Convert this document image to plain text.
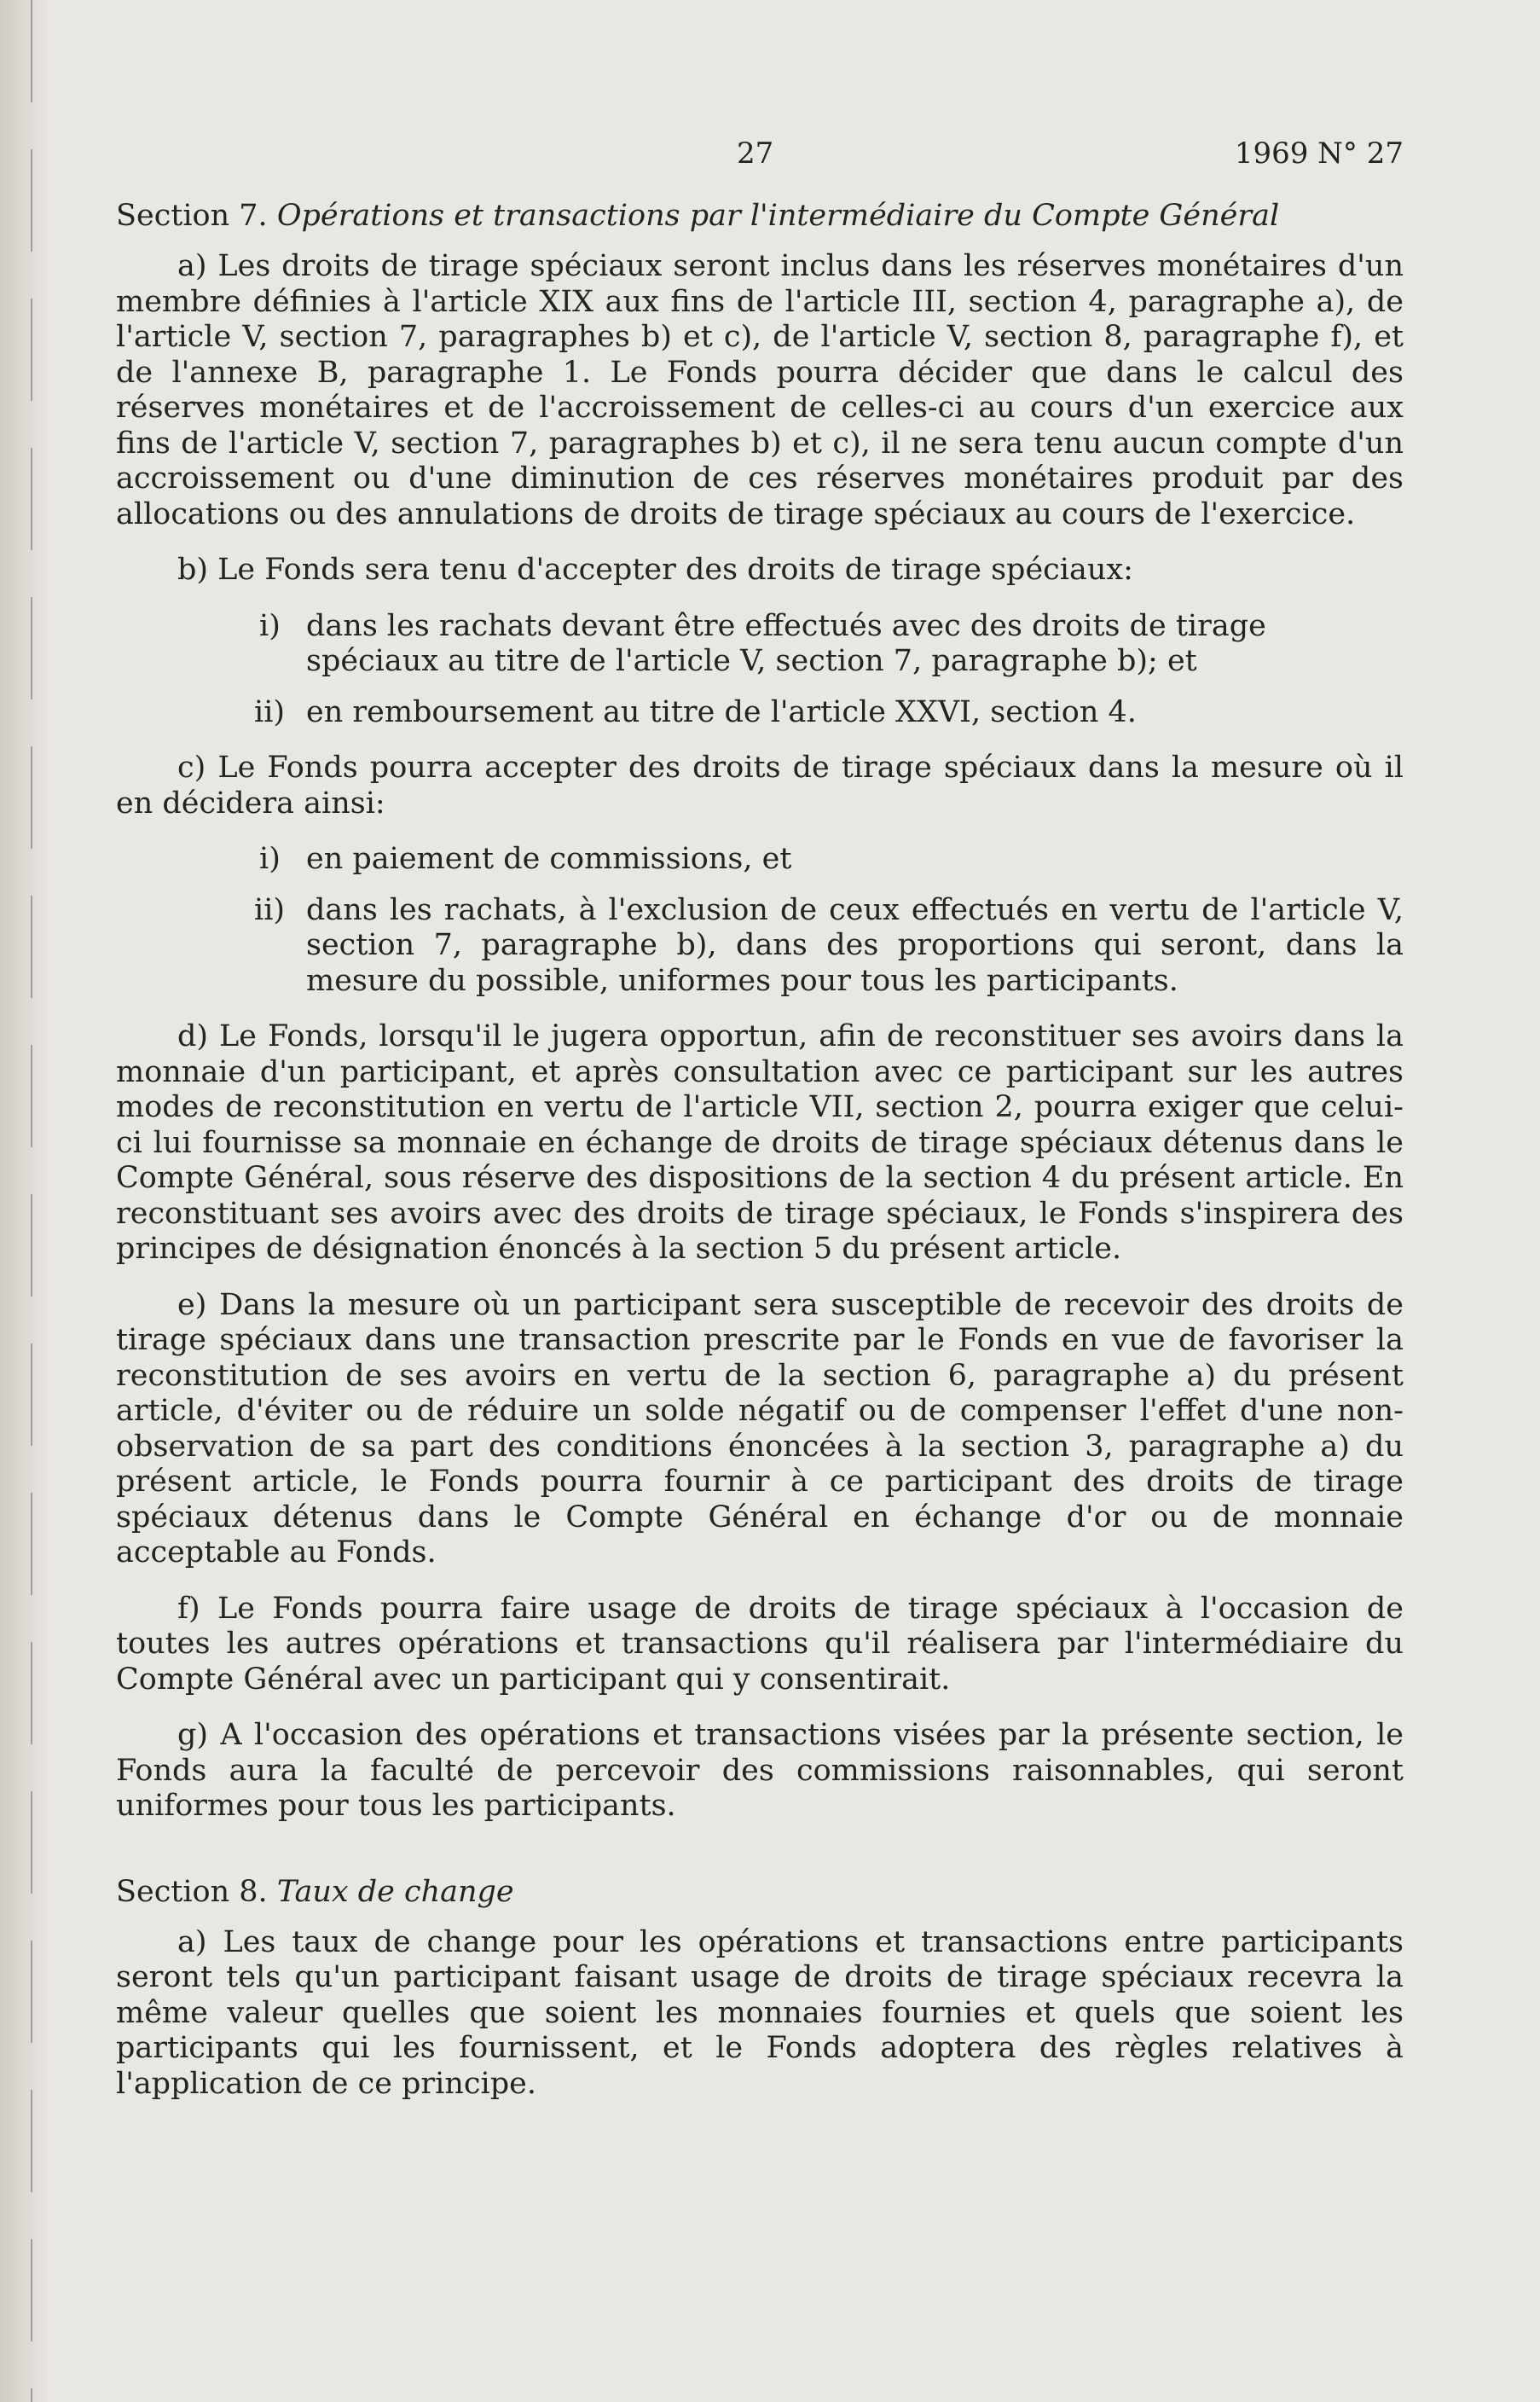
27	1969 N° 27
Section 7. Opérations et transactions par l'intermédiaire du Compte Général

a) Les droits de tirage spéciaux seront inclus dans les réserves monétaires d'un membre définies à l'article XIX aux fins de l'article III, section 4, paragraphe a), de l'article V, section 7, paragraphes b) et c), de l'article V, section 8, paragraphe f), et de l'annexe B, paragraphe 1. Le Fonds pourra décider que dans le calcul des réserves monétaires et de l'accroissement de celles-ci au cours d'un exercice aux fins de l'article V, section 7, paragraphes b) et c), il ne sera tenu aucun compte d'un accroissement ou d'une diminution de ces réserves monétaires produit par des allocations ou des annulations de droits de tirage spéciaux au cours de l'exercice.

b) Le Fonds sera tenu d'accepter des droits de tirage spéciaux:

i) dans les rachats devant être effectués avec des droits de tirage spéciaux au titre de l'article V, section 7, paragraphe b); et
ii) en remboursement au titre de l'article XXVI, section 4.

c) Le Fonds pourra accepter des droits de tirage spéciaux dans la mesure où il en décidera ainsi:

i) en paiement de commissions, et
ii) dans les rachats, à l'exclusion de ceux effectués en vertu de l'article V, section 7, paragraphe b), dans des proportions qui seront, dans la mesure du possible, uniformes pour tous les participants.

d) Le Fonds, lorsqu'il le jugera opportun, afin de reconstituer ses avoirs dans la monnaie d'un participant, et après consultation avec ce participant sur les autres modes de reconstitution en vertu de l'article VII, section 2, pourra exiger que celui-ci lui fournisse sa monnaie en échange de droits de tirage spéciaux détenus dans le Compte Général, sous réserve des dispositions de la section 4 du présent article. En reconstituant ses avoirs avec des droits de tirage spéciaux, le Fonds s'inspirera des principes de désignation énoncés à la section 5 du présent article.

e) Dans la mesure où un participant sera susceptible de recevoir des droits de tirage spéciaux dans une transaction prescrite par le Fonds en vue de favoriser la reconstitution de ses avoirs en vertu de la section 6, paragraphe a) du présent article, d'éviter ou de réduire un solde négatif ou de compenser l'effet d'une non-observation de sa part des conditions énoncées à la section 3, paragraphe a) du présent article, le Fonds pourra fournir à ce participant des droits de tirage spéciaux détenus dans le Compte Général en échange d'or ou de monnaie acceptable au Fonds.

f) Le Fonds pourra faire usage de droits de tirage spéciaux à l'occasion de toutes les autres opérations et transactions qu'il réalisera par l'intermédiaire du Compte Général avec un participant qui y consentirait.

g) A l'occasion des opérations et transactions visées par la présente section, le Fonds aura la faculté de percevoir des commissions raisonnables, qui seront uniformes pour tous les participants.

Section 8. Taux de change

a) Les taux de change pour les opérations et transactions entre participants seront tels qu'un participant faisant usage de droits de tirage spéciaux recevra la même valeur quelles que soient les monnaies fournies et quels que soient les participants qui les fournissent, et le Fonds adoptera des règles relatives à l'application de ce principe.
